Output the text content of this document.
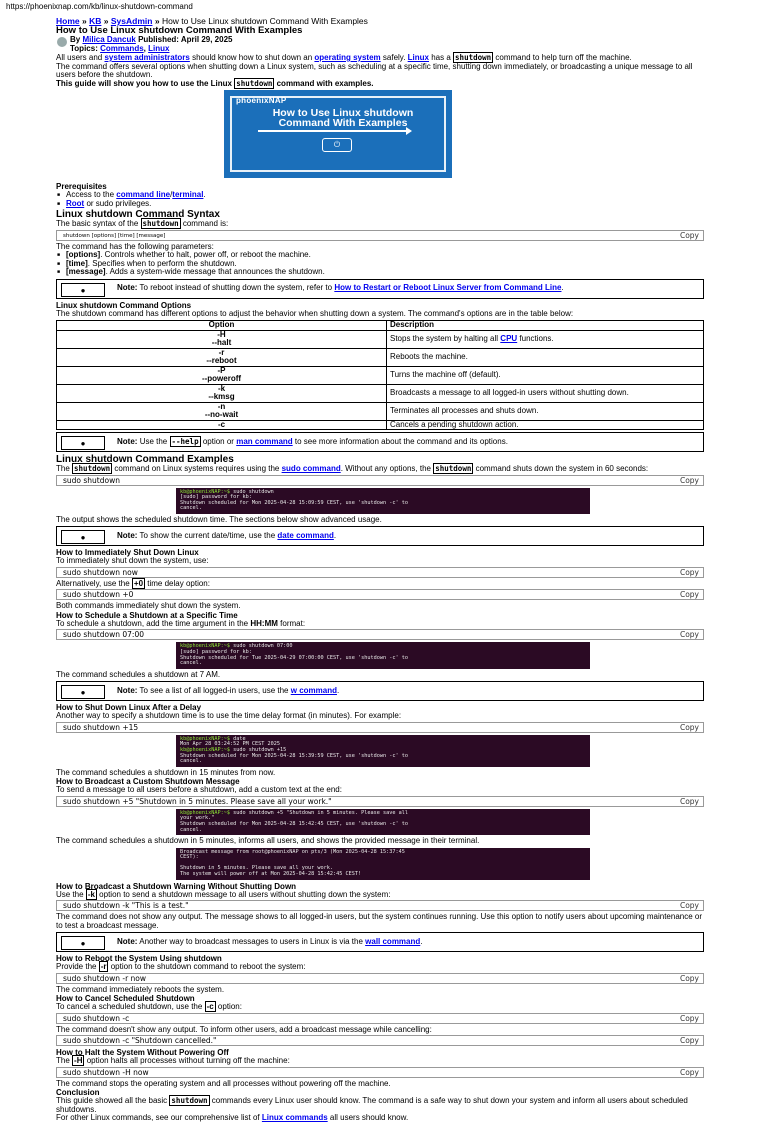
https://phoenixnap.com/kb/linux-shutdown-command
Home » KB » SysAdmin » How to Use Linux shutdown Command With Examples
How to Use Linux shutdown Command With Examples
By Milica Dancuk Published: April 29, 2025
Topics: Commands, Linux

All users and system administrators should know how to shut down an operating system safely. Linux has a shutdown command to help turn off the machine.

The command offers several options when shutting down a Linux system, such as scheduling at a specific time, shutting down immediately, or broadcasting a unique message to all users before the shutdown.

This guide will show you how to use the Linux shutdown command with examples.

phoenixNAP
How to Use Linux shutdown Command With Examples
⏻
Prerequisites
■ Access to the command line/terminal.
■ Root or sudo privileges.
Linux shutdown Command Syntax

The basic syntax of the shutdown command is:

shutdown [options] [time] [message]	Copy

The command has the following parameters:

■ [options]. Controls whether to halt, power off, or reboot the machine.
■ [time]. Specifies when to perform the shutdown.
■ [message]. Adds a system-wide message that announces the shutdown.
●	Note: To reboot instead of shutting down the system, refer to How to Restart or Reboot Linux Server from Command Line.
Linux shutdown Command Options

The shutdown command has different options to adjust the behavior when shutting down a system. The command's options are in the table below:

Option	Description
-H
--halt	Stops the system by halting all CPU functions.
-r
--reboot	Reboots the machine.
-P
--poweroff	Turns the machine off (default).
-k
--kmsg	Broadcasts a message to all logged-in users without shutting down.
-n
--no-wait	Terminates all processes and shuts down.
-c	Cancels a pending shutdown action.
●	Note: Use the --help option or man command to see more information about the command and its options.
Linux shutdown Command Examples

The shutdown command on Linux systems requires using the sudo command. Without any options, the shutdown command shuts down the system in 60 seconds:

sudo shutdown	Copy
kb@phoenixNAP:~$ sudo shutdown
[sudo] password for kb:
Shutdown scheduled for Mon 2025-04-28 15:09:59 CEST, use 'shutdown -c' to
cancel.

The output shows the scheduled shutdown time. The sections below show advanced usage.

●	Note: To show the current date/time, use the date command.
How to Immediately Shut Down Linux

To immediately shut down the system, use:

sudo shutdown now	Copy

Alternatively, use the +0 time delay option:

sudo shutdown +0	Copy

Both commands immediately shut down the system.

How to Schedule a Shutdown at a Specific Time

To schedule a shutdown, add the time argument in the HH:MM format:

sudo shutdown 07:00	Copy
kb@phoenixNAP:~$ sudo shutdown 07:00
[sudo] password for kb:
Shutdown scheduled for Tue 2025-04-29 07:00:00 CEST, use 'shutdown -c' to
cancel.

The command schedules a shutdown at 7 AM.

●	Note: To see a list of all logged-in users, use the w command.
How to Shut Down Linux After a Delay

Another way to specify a shutdown time is to use the time delay format (in minutes). For example:

sudo shutdown +15	Copy
kb@phoenixNAP:~$ date
Mon Apr 28 03:24:52 PM CEST 2025
kb@phoenixNAP:~$ sudo shutdown +15
Shutdown scheduled for Mon 2025-04-28 15:39:59 CEST, use 'shutdown -c' to
cancel.

The command schedules a shutdown in 15 minutes from now.

How to Broadcast a Custom Shutdown Message

To send a message to all users before a shutdown, add a custom text at the end:

sudo shutdown +5 "Shutdown in 5 minutes. Please save all your work."	Copy
kb@phoenixNAP:~$ sudo shutdown +5 "Shutdown in 5 minutes. Please save all
your work."
Shutdown scheduled for Mon 2025-04-28 15:42:45 CEST, use 'shutdown -c' to
cancel.

The command schedules a shutdown in 5 minutes, informs all users, and shows the provided message in their terminal.

Broadcast message from root@phoenixNAP on pts/3 (Mon 2025-04-28 15:37:45
CEST):

Shutdown in 5 minutes. Please save all your work.
The system will power off at Mon 2025-04-28 15:42:45 CEST!
How to Broadcast a Shutdown Warning Without Shutting Down

Use the -k option to send a shutdown message to all users without shutting down the system:

sudo shutdown -k "This is a test."	Copy

The command does not show any output. The message shows to all logged-in users, but the system continues running. Use this option to notify users about upcoming maintenance or to test a broadcast message.

●	Note: Another way to broadcast messages to users in Linux is via the wall command.
How to Reboot the System Using shutdown

Provide the -r option to the shutdown command to reboot the system:

sudo shutdown -r now	Copy

The command immediately reboots the system.

How to Cancel Scheduled Shutdown

To cancel a scheduled shutdown, use the -c option:

sudo shutdown -c	Copy

The command doesn't show any output. To inform other users, add a broadcast message while cancelling:

sudo shutdown -c "Shutdown cancelled."	Copy
How to Halt the System Without Powering Off

The -H option halts all processes without turning off the machine:

sudo shutdown -H now	Copy

The command stops the operating system and all processes without powering off the machine.

Conclusion

This guide showed all the basic shutdown commands every Linux user should know. The command is a safe way to shut down your system and inform all users about scheduled shutdowns.

For other Linux commands, see our comprehensive list of Linux commands all users should know.
